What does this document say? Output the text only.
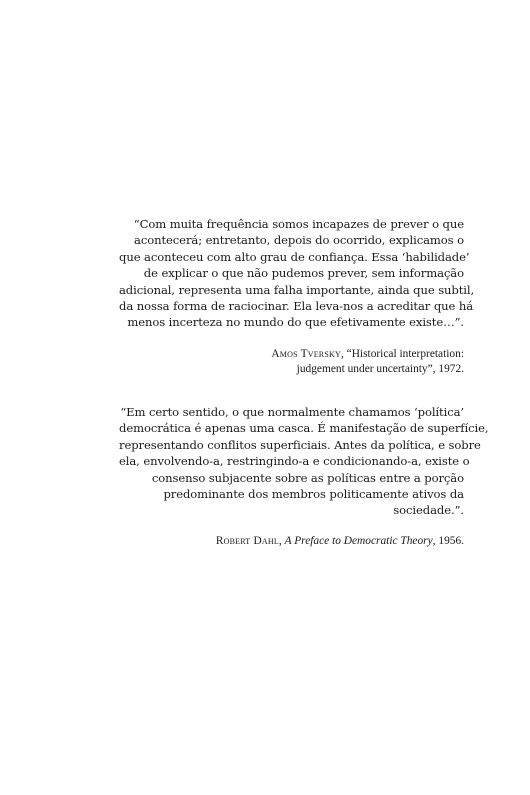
“Com muita frequência somos incapazes de prever o que
acontecerá; entretanto, depois do ocorrido, explicamos o
que aconteceu com alto grau de confiança. Essa ‘habilidade’
de explicar o que não pudemos prever, sem informação
adicional, representa uma falha importante, ainda que subtil,
da nossa forma de raciocinar. Ela leva-nos a acreditar que há
menos incerteza no mundo do que efetivamente existe…”.

Amos Tversky, “Historical interpretation:
judgement under uncertainty”, 1972.

“Em certo sentido, o que normalmente chamamos ‘política’
democrática é apenas uma casca. É manifestação de superfície,
representando conflitos superficiais. Antes da política, e sobre
ela, envolvendo-a, restringindo-a e condicionando-a, existe o
consenso subjacente sobre as políticas entre a porção
predominante dos membros politicamente ativos da
sociedade.”.

Robert Dahl, A Preface to Democratic Theory, 1956.
